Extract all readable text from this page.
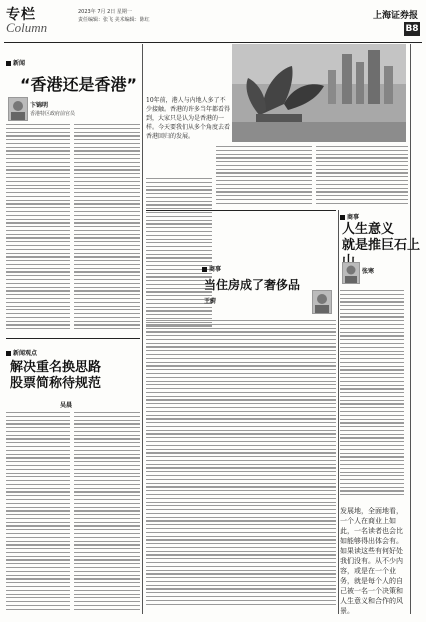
专栏
Column
2023年 7月 2日 星期一
责任编辑：张飞 美术编辑：陈红	上海证券报
B8
新闻
“香港还是香港”
卞锦明
香港特区政府前官员
10年前，港人与内地人多了不少接触。香港的许多当年都看得到，大家只是认为是香港的一样。今天要我们从多个角度去看香港回归的发展。
商事
人生意义
就是推巨石上
张寒
发展地，全面地看，一个人在商业上如此，一名读者也会比如能够得出体会有。如果读这些有何好处我们没有。从不少内容，或是在一个业务，就是每个人的自己被一名一个决策和人生意义和合作的风景。
商事
当住房成了奢侈品
王蔚
新闻观点
解决重名换思路
股票简称待规范
吴晨
